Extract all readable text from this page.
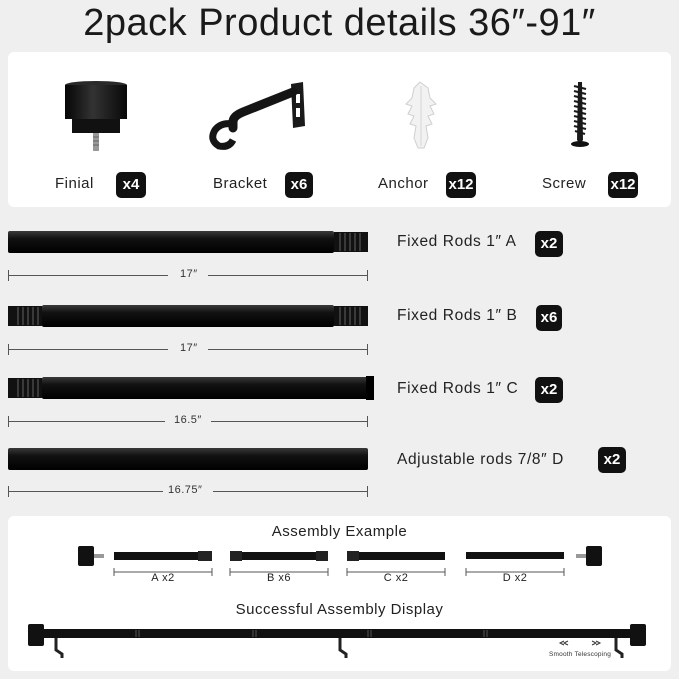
2pack Product details 36″-91″
Finial	x4	Bracket	x6	Anchor x12	Screw x12
Fixed Rods 1″ A	x2
17″
Fixed Rods 1″ B	x6
17″
Fixed Rods 1″ C	x2
16.5″
Adjustable rods 7/8″ D	x2
16.75″
Assembly Example
A x2	B x6	C x2	D x2
Successful Assembly Display
Smooth Telescoping
